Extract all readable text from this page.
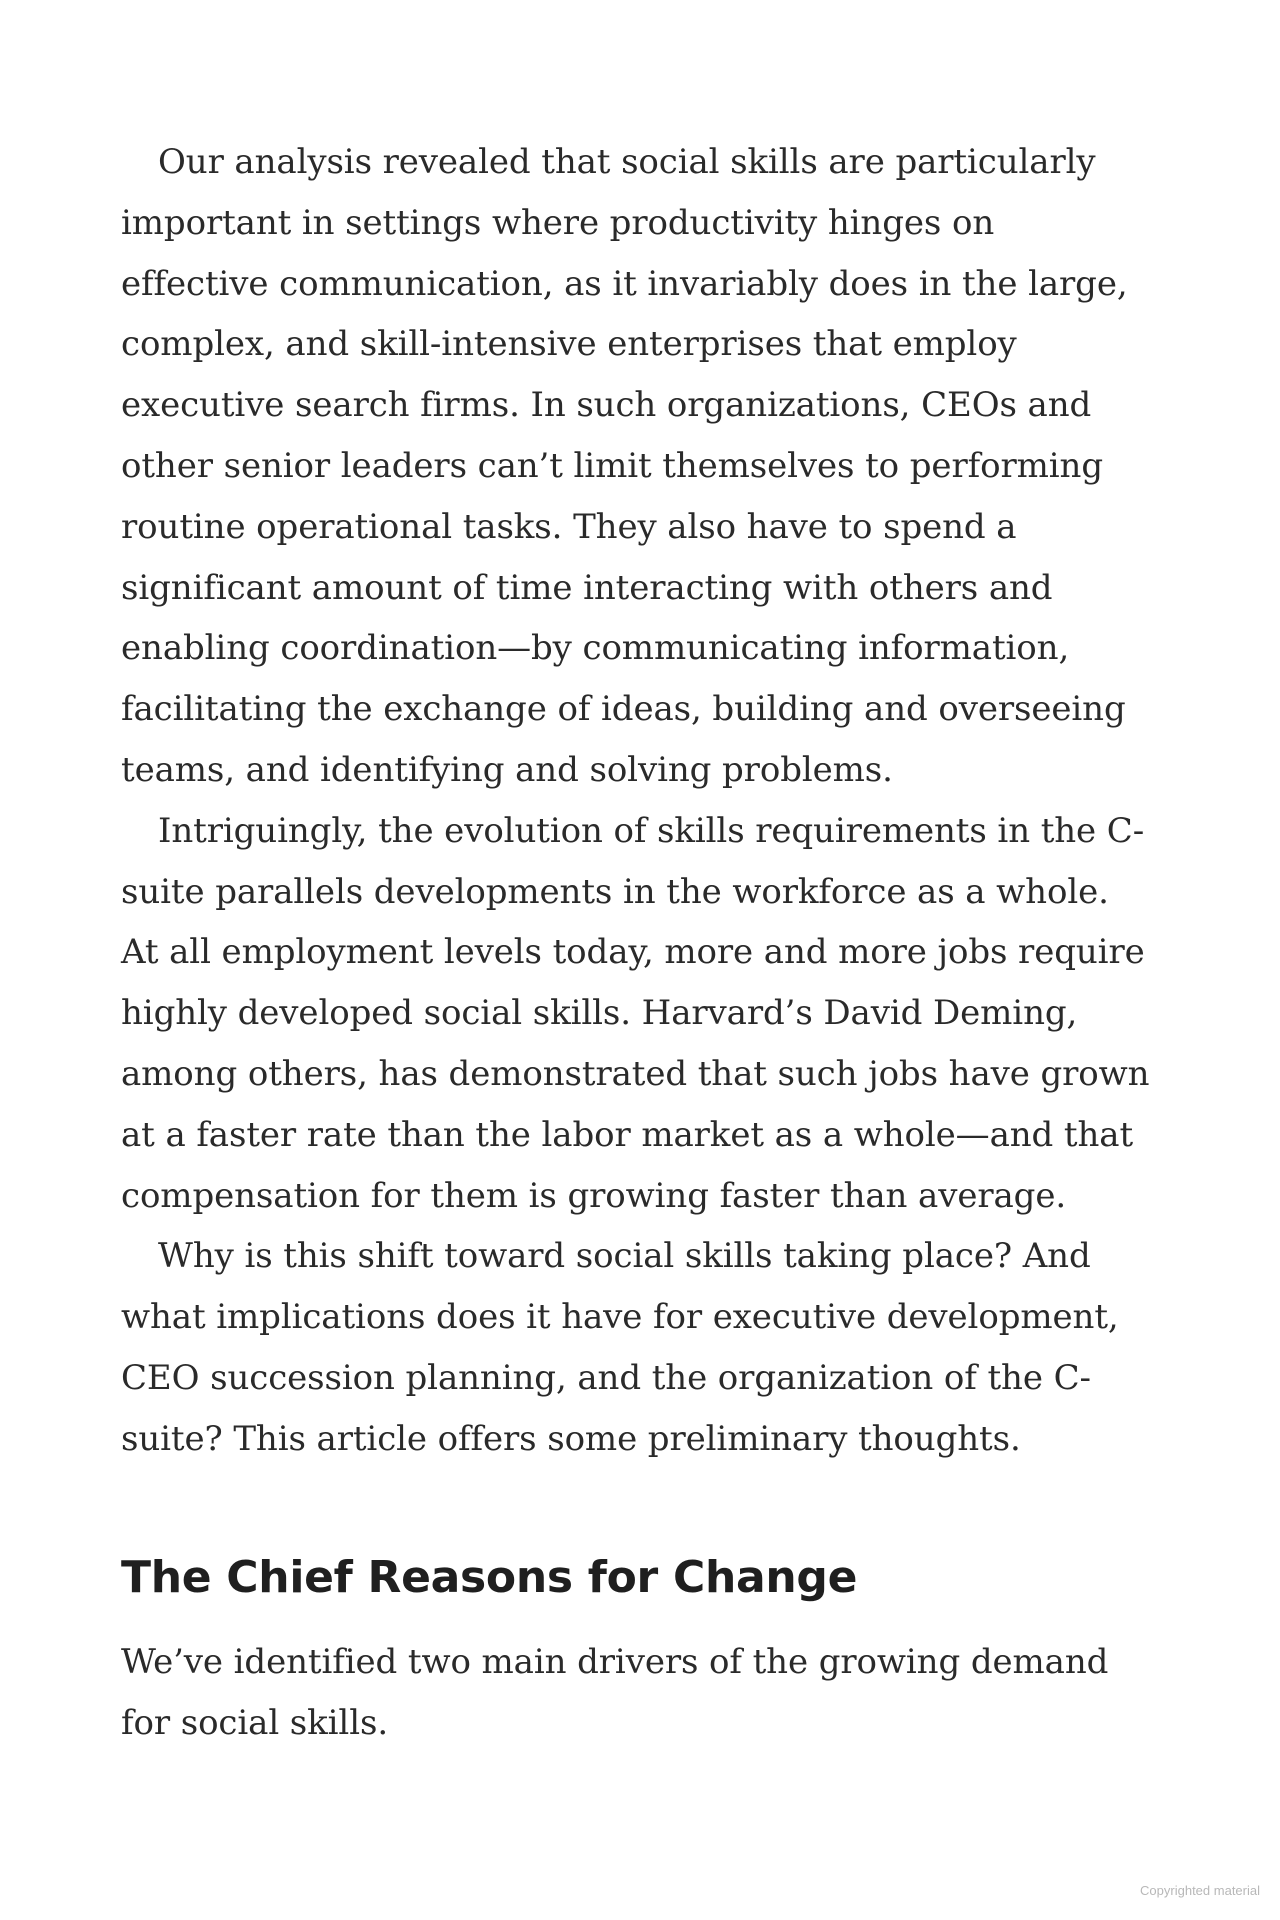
Our analysis revealed that social skills are particularly

important in settings where productivity hinges on

effective communication, as it invariably does in the large,

complex, and skill-intensive enterprises that employ

executive search firms. In such organizations, CEOs and

other senior leaders can’t limit themselves to performing

routine operational tasks. They also have to spend a

significant amount of time interacting with others and

enabling coordination—by communicating information,

facilitating the exchange of ideas, building and overseeing

teams, and identifying and solving problems.

Intriguingly, the evolution of skills requirements in the C-

suite parallels developments in the workforce as a whole.

At all employment levels today, more and more jobs require

highly developed social skills. Harvard’s David Deming,

among others, has demonstrated that such jobs have grown

at a faster rate than the labor market as a whole—and that

compensation for them is growing faster than average.

Why is this shift toward social skills taking place? And

what implications does it have for executive development,

CEO succession planning, and the organization of the C-

suite? This article offers some preliminary thoughts.

The Chief Reasons for Change

We’ve identified two main drivers of the growing demand

for social skills.

Copyrighted material
